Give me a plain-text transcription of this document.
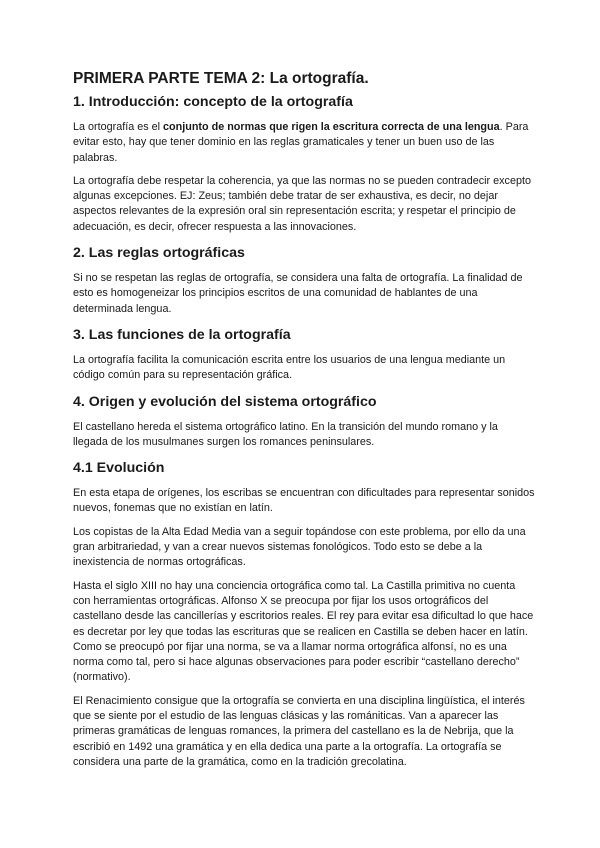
PRIMERA PARTE TEMA 2: La ortografía.
1. Introducción: concepto de la ortografía

La ortografía es el conjunto de normas que rigen la escritura correcta de una lengua. Para evitar esto, hay que tener dominio en las reglas gramaticales y tener un buen uso de las palabras.

La ortografía debe respetar la coherencia, ya que las normas no se pueden contradecir excepto algunas excepciones. EJ: Zeus; también debe tratar de ser exhaustiva, es decir, no dejar aspectos relevantes de la expresión oral sin representación escrita; y respetar el principio de adecuación, es decir, ofrecer respuesta a las innovaciones.

2. Las reglas ortográficas

Si no se respetan las reglas de ortografía, se considera una falta de ortografía. La finalidad de esto es homogeneizar los principios escritos de una comunidad de hablantes de una determinada lengua.

3. Las funciones de la ortografía

La ortografía facilita la comunicación escrita entre los usuarios de una lengua mediante un código común para su representación gráfica.

4. Origen y evolución del sistema ortográfico

El castellano hereda el sistema ortográfico latino. En la transición del mundo romano y la llegada de los musulmanes surgen los romances peninsulares.

4.1 Evolución

En esta etapa de orígenes, los escribas se encuentran con dificultades para representar sonidos nuevos, fonemas que no existían en latín.

Los copistas de la Alta Edad Media van a seguir topándose con este problema, por ello da una gran arbitrariedad, y van a crear nuevos sistemas fonológicos. Todo esto se debe a la inexistencia de normas ortográficas.

Hasta el siglo XIII no hay una conciencia ortográfica como tal. La Castilla primitiva no cuenta con herramientas ortográficas. Alfonso X se preocupa por fijar los usos ortográficos del castellano desde las cancillerías y escritorios reales. El rey para evitar esa dificultad lo que hace es decretar por ley que todas las escrituras que se realicen en Castilla se deben hacer en latín. Como se preocupó por fijar una norma, se va a llamar norma ortográfica alfonsí, no es una norma como tal, pero si hace algunas observaciones para poder escribir “castellano derecho” (normativo).

El Renacimiento consigue que la ortografía se convierta en una disciplina lingüística, el interés que se siente por el estudio de las lenguas clásicas y las romániticas. Van a aparecer las primeras gramáticas de lenguas romances, la primera del castellano es la de Nebrija, que la escribió en 1492 una gramática y en ella dedica una parte a la ortografía. La ortografía se considera una parte de la gramática, como en la tradición grecolatina.
